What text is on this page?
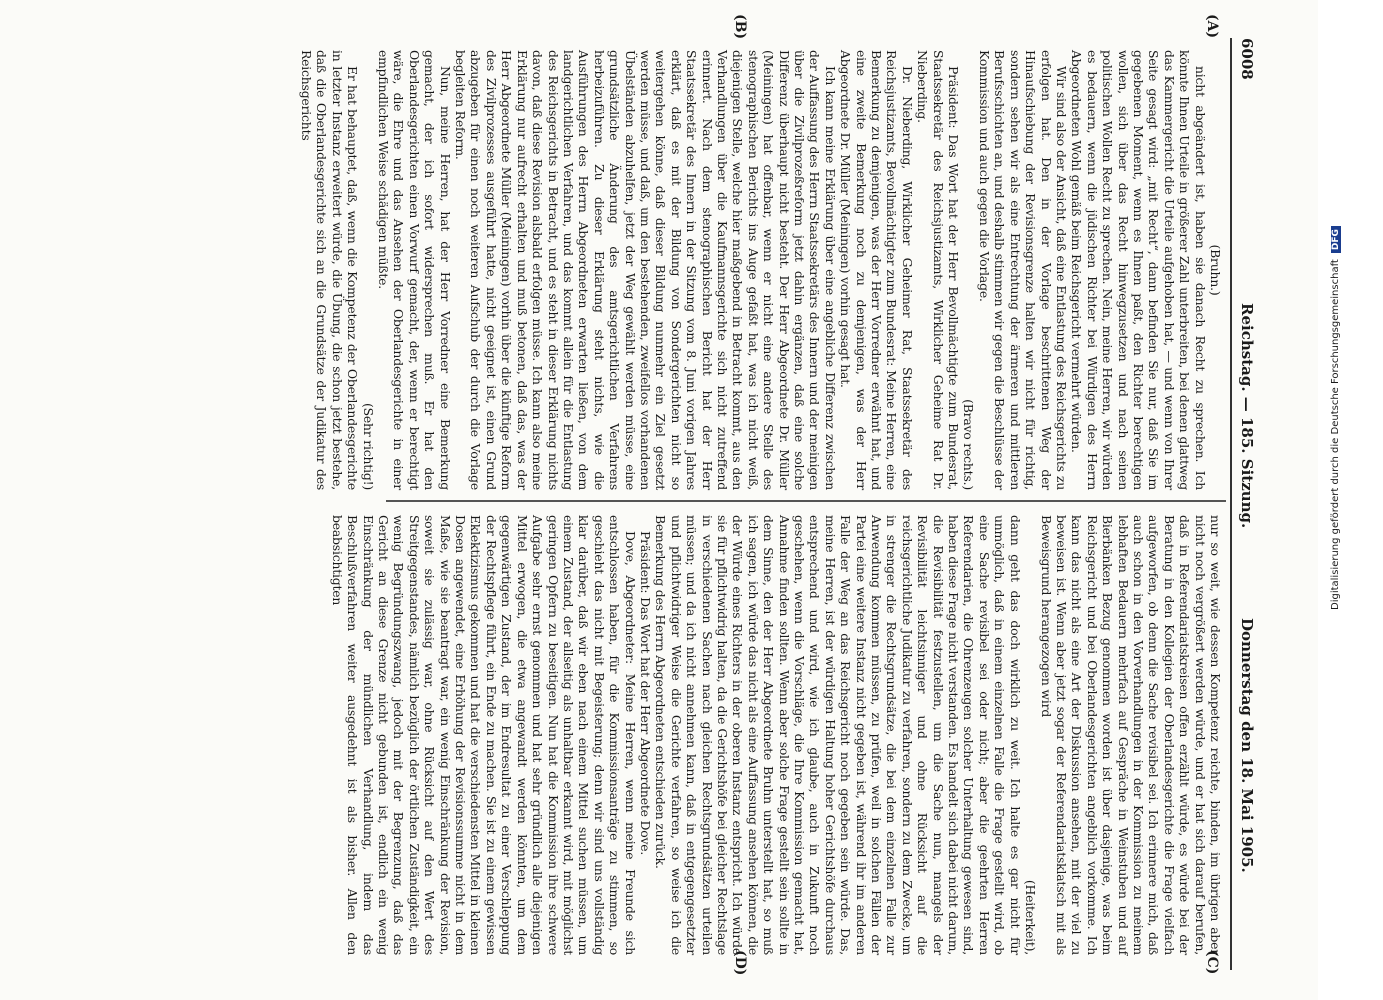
6008
Reichstag. — 185. Sitzung.
Donnerstag den 18. Mai 1905.
(A)
(B)
(C)
(D)

(Bruhn.)

nicht abgeändert ist, haben sie danach Recht zu sprechen. Ich könnte Ihnen Urteile in größerer Zahl unterbreiten, bei denen glattweg das Kammergericht die Urteile aufgehoben hat, — und wenn von Ihrer Seite gesagt wird: „mit Recht“, dann befinden Sie nur, daß Sie im gegebenen Moment, wenn es Ihnen paßt, den Richter berechtigen wollen, sich über das Recht hinwegzusetzen und nach seinen politischen Wollen Recht zu sprechen. Nein, meine Herren, wir würden es bedauern, wenn die jüdischen Richter bei Würdigen des Herrn Abgeordneten Wohl gemäß beim Reichsgericht vermehrt würden.

Wir sind also der Ansicht, daß eine Entlastung des Reichsgerichts zu erfolgen hat. Den in der Vorlage beschrittenen Weg der Hinaufschiebung der Revisionsgrenze halten wir nicht für richtig, sondern sehen wir als eine Entrechtung der ärmeren und mittleren Berufsschichten an, und deshalb stimmen wir gegen die Beschlüsse der Kommission und auch gegen die Vorlage.

(Bravo rechts.)

Präsident: Das Wort hat der Herr Bevollmächtigte zum Bundesrat, Staatssekretär des Reichsjustizamts, Wirklicher Geheime Rat Dr. Nieberding.

Dr. Nieberding, Wirklicher Geheimer Rat, Staatssekretär des Reichsjustizamts, Bevollmächtigter zum Bundesrat: Meine Herren, eine Bemerkung zu demjenigen, was der Herr Vorredner erwähnt hat, und eine zweite Bemerkung noch zu demjenigen, was der Herr Abgeordnete Dr. Müller (Meiningen) vorhin gesagt hat.

Ich kann meine Erklärung über eine angebliche Differenz zwischen der Auffassung des Herrn Staatssekretärs des Innern und der meinigen über die Zivilprozeßreform jetzt dahin ergänzen, daß eine solche Differenz überhaupt nicht besteht. Der Herr Abgeordnete Dr. Müller (Meiningen) hat offenbar, wenn er nicht eine andere Stelle des stenographischen Berichts ins Auge gefaßt hat, was ich nicht weiß, diejenigen Stelle, welche hier maßgebend in Betracht kommt, aus den Verhandlungen über die Kaufmannsgerichte sich nicht zutreffend erinnert. Nach dem stenographischen Bericht hat der Herr Staatssekretär des Innern in der Sitzung vom 8. Juni vorigen Jahres erklärt, daß es mit der Bildung von Sondergerichten nicht so weitergehen könne, daß dieser Bildung nunmehr ein Ziel gesetzt werden müsse, und daß, um den bestehenden, zweifellos vorhandenen Übelständen abzuhelfen, jetzt der Weg gewählt werden müsse, eine grundsätzliche Änderung des amtsgerichtlichen Verfahrens herbeizuführen. Zu dieser Erklärung steht nichts, wie die Ausführungen des Herrn Abgeordneten erwarten ließen, von dem landgerichtlichen Verfahren, und das kommt allein für die Entlastung des Reichsgerichts in Betracht, und es steht in dieser Erklärung nichts davon, daß diese Revision alsbald erfolgen müsse. Ich kann also meine Erklärung nur aufrecht erhalten und muß betonen, daß das, was der Herr Abgeordnete Müller (Meiningen) vorhin über die künftige Reform des Zivilprozesses ausgeführt hatte, nicht geeignet ist, einen Grund abzugeben für einen noch weiteren Aufschub der durch die Vorlage begleiten Reform.

Nun, meine Herren, hat der Herr Vorredner eine Bemerkung gemacht, der ich sofort widersprechen muß. Er hat den Oberlandesgerichten einen Vorwurf gemacht, der, wenn er berechtigt wäre, die Ehre und das Ansehen der Oberlandesgerichte in einer empfindlichen Weise schädigen müßte.

(Sehr richtig!)

Er hat behauptet, daß, wenn die Kompetenz der Oberlandesgerichte in letzter Instanz erweitert würde, die Übung, die schon jetzt bestehe, daß die Oberlandesgerichte sich an die Grundsätze der Judikatur des Reichsgerichts

nur so weit, wie dessen Kompetenz reichte, binden, im übrigen aber nicht noch vergrößert werden würde, und er hat sich darauf berufen, daß in Referendariatskreisen offen erzählt würde, es würde bei der Beratung in den Kollegien der Oberlandesgerichte die Frage vielfach aufgeworfen, ob denn die Sache revisibel sei. Ich erinnere mich, daß auch schon in den Vorverhandlungen in der Kommission zu meinem lebhaften Bedauern mehrfach auf Gespräche in Weinstuben und auf Bierbänken Bezug genommen worden ist über dasjenige, was beim Reichsgericht und bei Oberlandesgerichten angeblich vorkomme. Ich kann das nicht als eine Art der Diskussion ansehen, mit der viel zu beweisen ist. Wenn aber jetzt sogar der Referendariatsklatsch mit als Beweisgrund herangezogen wird

(Heiterkeit),

dann geht das doch wirklich zu weit. Ich halte es gar nicht für unmöglich, daß in einem einzelnen Falle die Frage gestellt wird, ob eine Sache revisibel sei oder nicht; aber die geehrten Herren Referendarien, die Ohrenzeugen solcher Unterhaltung gewesen sind, haben diese Frage nicht verstanden. Es handelt sich dabei nicht darum, die Revisibilität festzustellen, um die Sache nun, mangels der Revisibilität leichtsinniger und ohne Rücksicht auf die reichsgerichtliche Judikatur zu verfahren, sondern zu dem Zwecke, um in strenger die Rechtsgrundsätze, die bei dem einzelnen Falle zur Anwendung kommen müssen, zu prüfen, weil in solchen Fällen der Partei eine weitere Instanz nicht gegeben ist, während ihr im anderen Falle der Weg an das Reichsgericht noch gegeben sein würde. Das, meine Herren, ist der würdigen Haltung hoher Gerichtshöfe durchaus entsprechend und wird, wie ich glaube, auch in Zukunft noch geschehen, wenn die Vorschläge, die Ihre Kommission gemacht hat, Annahme finden sollten. Wenn aber solche Frage gestellt sein sollte in dem Sinne, den der Herr Abgeordnete Bruhn unterstellt hat, so muß ich sagen, ich würde das nicht als eine Auffassung ansehen können, die der Würde eines Richters in der oberen Instanz entspricht. Ich würde sie für pflichtwidrig halten, da die Gerichtshöfe bei gleicher Rechtslage in verschiedenen Sachen nach gleichen Rechtsgrundsätzen urteilen müssen; und da ich nicht annehmen kann, daß in entgegengesetzter und pflichtwidriger Weise die Gerichte verfahren, so weise ich die Bemerkung des Herrn Abgeordneten entschieden zurück.

Präsident: Das Wort hat der Herr Abgeordnete Dove.

Dove, Abgeordneter: Meine Herren, wenn meine Freunde sich entschlossen haben, für die Kommissionsanträge zu stimmen, so geschieht das nicht mit Begeisterung; denn wir sind uns vollständig klar darüber, daß wir eben nach einem Mittel suchen müssen, um einem Zustand, der allseitig als unhaltbar erkannt wird, mit möglichst geringen Opfern zu beseitigen. Nun hat die Kommission ihre schwere Aufgabe sehr ernst genommen und hat sehr gründlich alle diejenigen Mittel erwogen, die etwa angewandt werden könnten, um dem gegenwärtigen Zustand, der im Endresultat zu einer Verschleppung der Rechtspflege führt, ein Ende zu machen. Sie ist zu einem gewissen Eklektizismus gekommen und hat die verschiedensten Mittel in kleinen Dosen angewendet, eine Erhöhung der Revisionssumme nicht in dem Maße, wie sie beantragt war, ein wenig Einschränkung der Revision, soweit sie zulässig war, ohne Rücksicht auf den Wert des Streitgegenstandes, nämlich bezüglich der örtlichen Zuständigkeit, ein wenig Begründungszwang, jedoch mit der Begrenzung, daß das Gericht an diese Grenze nicht gebunden ist, endlich ein wenig Einschränkung der mündlichen Verhandlung, indem das Beschlußverfahren weiter ausgedehnt ist als bisher. Allen den beabsichtigten	Digitalisierung gefördert durch die Deutsche ForschungsgemeinschaftDFG
